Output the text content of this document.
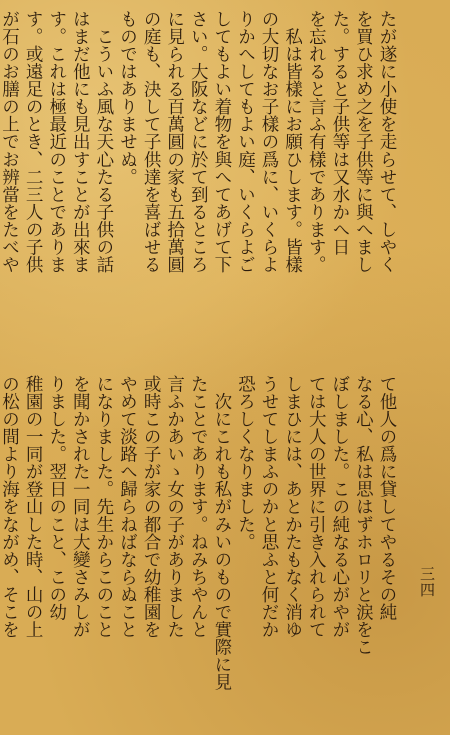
三四
たが遂に小使を走らせて、しやく
を買ひ求め之を子供等に與へまし
た。すると子供等は又水かへ日
を忘れると言ふ有樣であります。
　私は皆樣にお願ひします。皆樣
の大切なお子樣の爲に、いくらよ
りかへしてもよい庭、いくらよご
してもよい着物を與へてあげて下
さい。大阪などに於て到るところ
に見られる百萬圓の家も五拾萬圓
の庭も、決して子供達を喜ばせる
ものではありませぬ。
　こういふ風な天心たる子供の話
はまだ他にも見出すことが出來ま
す。これは極最近のことでありま
す。或遠足のとき、二三人の子供
が石のお膳の上でお辨當をたべや

て他人の爲に貸してやるその純
なる心、私は思はずホロリと涙をこ
ぼしました。この純なる心がやが
ては大人の世界に引き入れられて
しまひには、あとかたもなく消ゆ
うせてしまふのかと思ふと何だか
恐ろしくなりました。
　次にこれも私がみいのもので實際に見
たことであります。ねみちやんと
言ふかあいゝ女の子がありました
或時この子が家の都合で幼稚園を
やめて淡路へ歸らねばならぬこと
になりました。先生からこのこと
を聞かされた一同は大變さみしが
りました。翌日のこと、この幼
稚園の一同が登山した時、山の上
の松の間より海をながめ、そこを
